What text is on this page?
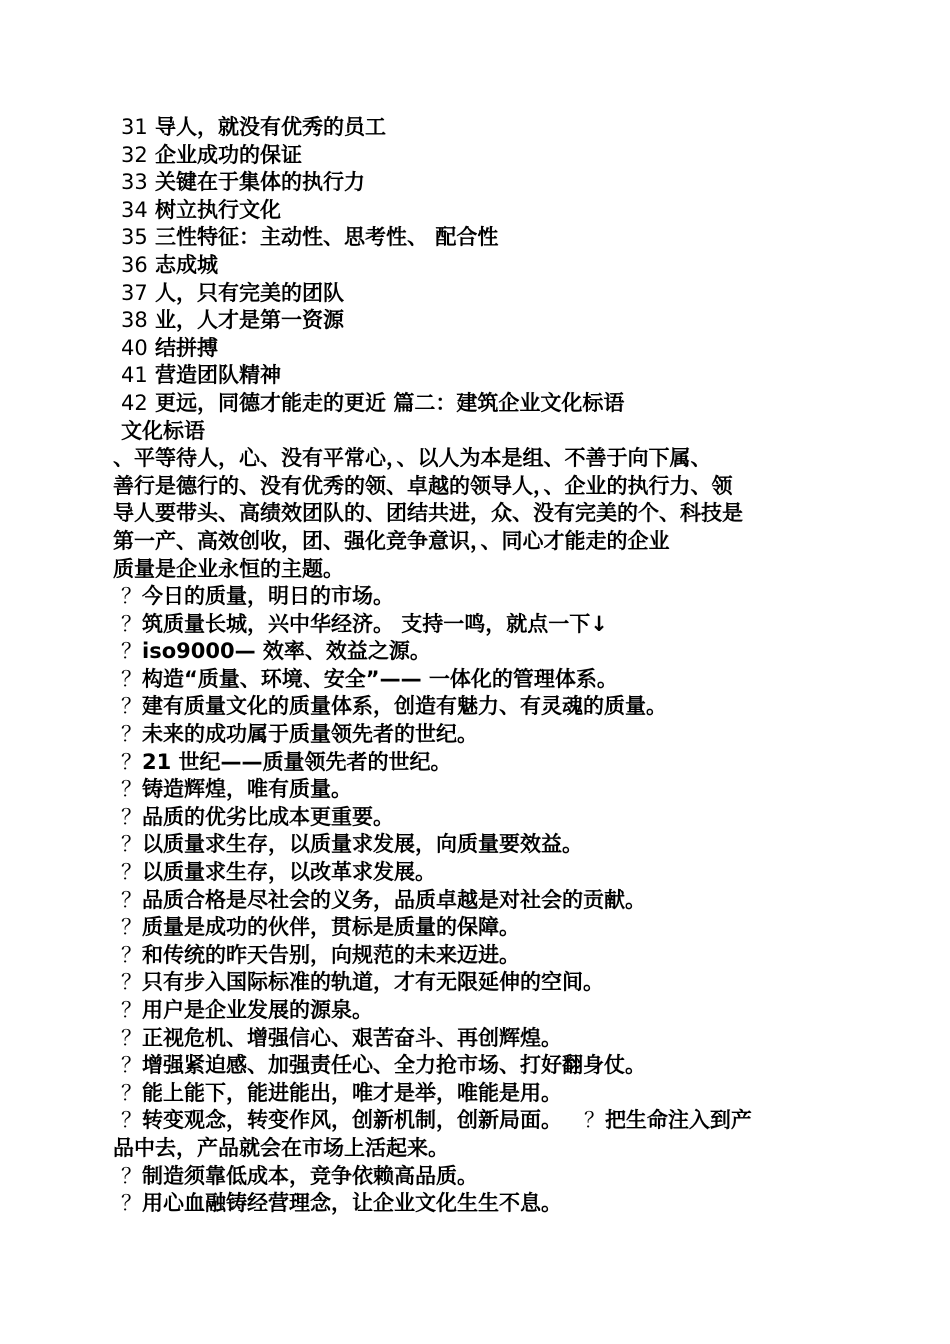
31 导人，就没有优秀的员工
32 企业成功的保证
33 关键在于集体的执行力
34 树立执行文化
35 三性特征：主动性、思考性、 配合性
36 志成城
37 人，只有完美的团队
38 业，人才是第一资源
40 结拼搏
41 营造团队精神
42 更远，同德才能走的更近 篇二：建筑企业文化标语
文化标语
、平等待人，心、没有平常心，、以人为本是组、不善于向下属、
善行是德行的、没有优秀的领、卓越的领导人，、企业的执行力、领
导人要带头、高绩效团队的、团结共进，众、没有完美的个、科技是
第一产、高效创收，团、强化竞争意识，、同心才能走的企业
质量是企业永恒的主题。
？今日的质量，明日的市场。
？筑质量长城，兴中华经济。 支持一鸣，就点一下↓
？iso9000— 效率、效益之源。
？构造“质量、环境、安全”—— 一体化的管理体系。
？建有质量文化的质量体系，创造有魅力、有灵魂的质量。
？未来的成功属于质量领先者的世纪。
？21 世纪——质量领先者的世纪。
？铸造辉煌，唯有质量。
？品质的优劣比成本更重要。
？以质量求生存，以质量求发展，向质量要效益。
？以质量求生存，以改革求发展。
？品质合格是尽社会的义务，品质卓越是对社会的贡献。
？质量是成功的伙伴，贯标是质量的保障。
？和传统的昨天告别，向规范的未来迈进。
？只有步入国际标准的轨道，才有无限延伸的空间。
？用户是企业发展的源泉。
？正视危机、增强信心、艰苦奋斗、再创辉煌。
？增强紧迫感、加强责任心、全力抢市场、打好翻身仗。
？能上能下，能进能出，唯才是举，唯能是用。
？转变观念，转变作风，创新机制，创新局面。 ？把生命注入到产
品中去，产品就会在市场上活起来。
？制造须靠低成本，竞争依赖高品质。
？用心血融铸经营理念，让企业文化生生不息。
